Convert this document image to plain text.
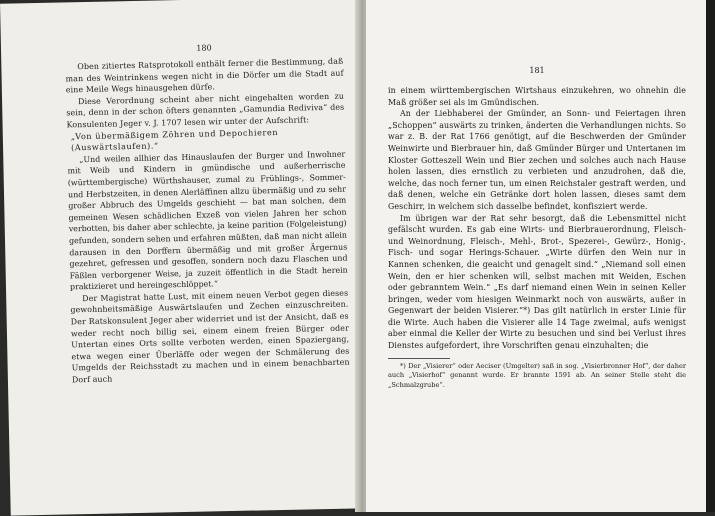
180

Oben zitiertes Ratsprotokoll enthält ferner die Bestimmung, daß man des Weintrinkens wegen nicht in die Dörfer um die Stadt auf eine Meile Wegs hinausgehen dürfe.

Diese Verordnung scheint aber nicht eingehalten worden zu sein, denn in der schon öfters genannten „Gamundia Rediviva“ des Konsulenten Jeger v. J. 1707 lesen wir unter der Aufschrift:

„Von übermäßigem Zöhren und Depochieren (Auswärtslaufen).“

„Und weilen allhier das Hinauslaufen der Burger und Inwohner mit Weib und Kindern in gmündische und außerherrische (württembergische) Würthshauser, zumal zu Frühlings-, Sommer- und Herbstzeiten, in denen Alerläffinen allzu übermäßig und zu sehr großer Abbruch des Umgelds geschieht — bat man solchen, dem gemeinen Wesen schädlichen Exzeß von vielen Jahren her schon verbotten, bis daher aber schlechte, ja keine parition (Folgeleistung) gefunden, sondern sehen und erfahren müßten, daß man nicht allein darausen in den Dorffern übermäßig und mit großer Ärgernus gezehret, gefressen und gesoffen, sondern noch dazu Flaschen und Fäßlen verborgener Weise, ja zuzeit öffentlich in die Stadt herein praktizieret und hereingeschlöppet.“

Der Magistrat hatte Lust, mit einem neuen Verbot gegen dieses gewohnheitsmäßige Auswärtslaufen und Zechen einzuschreiten. Der Ratskonsulent Jeger aber widerriet und ist der Ansicht, daß es weder recht noch billig sei, einem einem freien Bürger oder Untertan eines Orts sollte verboten werden, einen Spaziergang, etwa wegen einer Überläffe oder wegen der Schmälerung des Umgelds der Reichsstadt zu machen und in einem benachbarten Dorf auch

181

in einem württembergischen Wirtshaus einzukehren, wo ohnehin die Maß größer sei als im Gmündischen.

An der Liebhaberei der Gmünder, an Sonn- und Feiertagen ihren „Schoppen“ auswärts zu trinken, änderten die Verhandlungen nichts. So war z. B. der Rat 1766 genötigt, auf die Beschwerden der Gmünder Weinwirte und Bierbrauer hin, daß Gmünder Bürger und Untertanen im Kloster Gotteszell Wein und Bier zechen und solches auch nach Hause holen lassen, dies ernstlich zu verbieten und anzudrohen, daß die, welche, das noch ferner tun, um einen Reichstaler gestraft werden, und daß denen, welche ein Getränke dort holen lassen, dieses samt dem Geschirr, in welchem sich dasselbe befindet, konfisziert werde.

Im übrigen war der Rat sehr besorgt, daß die Lebensmittel nicht gefälscht wurden. Es gab eine Wirts- und Bierbrauerordnung, Fleisch- und Weinordnung, Fleisch-, Mehl-, Brot-, Spezerei-, Gewürz-, Honig-, Fisch- und sogar Herings-Schauer. „Wirte dürfen den Wein nur in Kannen schenken, die geaicht und genagelt sind.“ „Niemand soll einen Wein, den er hier schenken will, selbst machen mit Weiden, Eschen oder gebranntem Wein.“ „Es darf niemand einen Wein in seinen Keller bringen, weder vom hiesigen Weinmarkt noch von auswärts, außer in Gegenwart der beiden Visierer.“*) Das gilt natürlich in erster Linie für die Wirte. Auch haben die Visierer alle 14 Tage zweimal, aufs wenigst aber einmal die Keller der Wirte zu besuchen und sind bei Verlust ihres Dienstes aufgefordert, ihre Vorschriften genau einzuhalten; die

*) Der „Visierer“ oder Aeciser (Umgelter) saß in sog. „Visierbronner Hof“, der daher auch „Visierhof“ genannt wurde. Er brannte 1591 ab. An seiner Stelle steht die „Schmalzgrube“.
